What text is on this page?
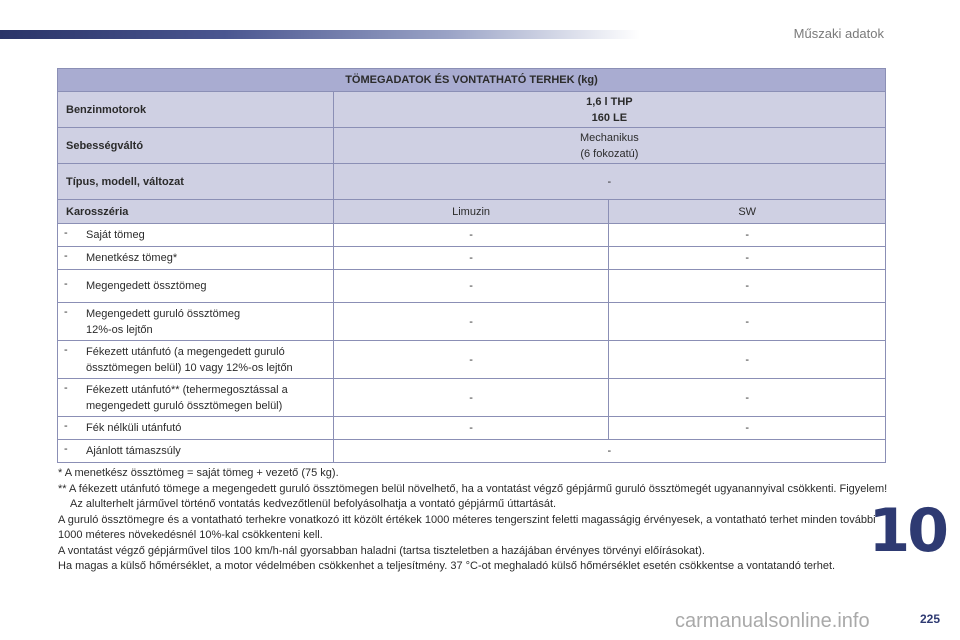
Műszaki adatok
TÖMEGADATOK ÉS VONTATHATÓ TERHEK (kg)		
Benzinmotorok	1,6 l THP
160 LE	

Sebességváltó	Mechanikus
(6 fokozatú)	

Típus, modell, változat	-	
Karosszéria	Limuzin	SW

- Saját tömeg	-	-

- Menetkész tömeg*	-	-

- Megengedett össztömeg	-	-

- Megengedett guruló össztömeg
12%-os lejtőn	-	-

- Fékezett utánfutó (a megengedett guruló
össztömegen belül) 10 vagy 12%-os lejtőn	-	-

- Fékezett utánfutó** (tehermegosztással a
megengedett guruló össztömegen belül)	-	-

- Fék nélküli utánfutó	-	-

- Ajánlott támaszsúly	-	

* A menetkész össztömeg = saját tömeg + vezető (75 kg).

** A fékezett utánfutó tömege a megengedett guruló össztömegen belül növelhető, ha a vontatást végző gépjármű guruló össztömegét ugyanannyival csökkenti. Figyelem! Az alulterhelt járművel történő vontatás kedvezőtlenül befolyásolhatja a vontató gépjármű úttartását.

A guruló össztömegre és a vontatható terhekre vonatkozó itt közölt értékek 1000 méteres tengerszint feletti magasságig érvényesek, a vontatható terhet minden további 1000 méteres növekedésnél 10%-kal csökkenteni kell.

A vontatást végző gépjárművel tilos 100 km/h-nál gyorsabban haladni (tartsa tiszteletben a hazájában érvényes törvényi előírásokat).

Ha magas a külső hőmérséklet, a motor védelmében csökkenhet a teljesítmény. 37 °C-ot meghaladó külső hőmérséklet esetén csökkentse a vontatandó terhet. 10
225
carmanualsonline.info
